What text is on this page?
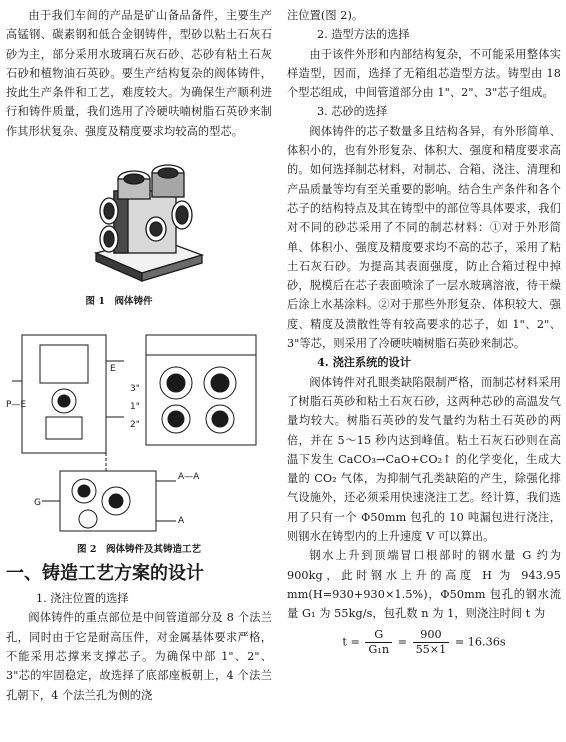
由于我们车间的产品是矿山备品备件，主要生产高锰钢、碳素钢和低合金钢铸件，型砂以粘土石灰石砂为主，部分采用水玻璃石灰石砂、芯砂有粘土石灰石砂和植物油石英砂。要生产结构复杂的阀体铸件，按此生产条件和工艺，难度较大。为确保生产顺利进行和铸件质量，我们选用了冷硬呋喃树脂石英砂来制作其形状复杂、强度及精度要求均较高的型芯。

图 1　阀体铸件
E
P—E
A—A
A
G
2"
3"
1"
图 2　阀体铸件及其铸造工艺
一、铸造工艺方案的设计

1. 浇注位置的选择

阀体铸件的重点部位是中间管道部分及 8 个法兰孔，同时由于它是耐高压件，对金属基体要求严格，不能采用芯撑来支撑芯子。为确保中部 1"、2"、3"芯的牢固稳定，故选择了底部座板朝上，4 个法兰孔朝下，4 个法兰孔为侧的浇

注位置(图 2)。

2. 造型方法的选择

由于该件外形和内部结构复杂，不可能采用整体实样造型，因而，选择了无箱组芯造型方法。铸型由 18 个型芯组成，中间管道部分由 1"、2"、3"芯子组成。

3. 芯砂的选择

阀体铸件的芯子数量多且结构各异，有外形简单、体积小的，也有外形复杂、体积大、强度和精度要求高的。如何选择制芯材料，对制芯、合箱、浇注、清理和产品质量等均有至关重要的影响。结合生产条件和各个芯子的结构特点及其在铸型中的部位等具体要求，我们对不同的砂芯采用了不同的制芯材料：①对于外形简单、体积小、强度及精度要求均不高的芯子，采用了粘土石灰石砂。为提高其表面强度，防止合箱过程中掉砂，脱模后在芯子表面喷涂了一层水玻璃溶液，待干燥后涂上水基涂料。②对于那些外形复杂、体积较大、强度、精度及溃散性等有较高要求的芯子，如 1"、2"、3"等芯，则采用了冷硬呋喃树脂石英砂来制芯。

4. 浇注系统的设计

阀体铸件对孔眼类缺陷限制严格，而制芯材料采用了树脂石英砂和粘土石灰石砂，这两种芯砂的高温发气量均较大。树脂石英砂的发气量约为粘土石英砂的两倍，并在 5～15 秒内达到峰值。粘土石灰石砂则在高温下发生 CaCO₃→CaO+CO₂↑ 的化学变化，生成大量的 CO₂ 气体，为抑制气孔类缺陷的产生，除强化排气设施外，还必须采用快速浇注工艺。经计算，我们选用了只有一个 Φ50mm 包孔的 10 吨漏包进行浇注，则钢水在铸型内的上升速度 V 可以算出。

钢水上升到顶端冒口根部时的钢水量 G 约为 900kg，此时钢水上升的高度 H 为 943.95 mm(H=930+930×1.5%)，Φ50mm 包孔的钢水流量 G₁ 为 55kg/s，包孔数 n 为 1，则浇注时间 t 为

$t = \frac{G}{\text{G₁n}} = \frac{900}{55\times 1} = 16.36s$
